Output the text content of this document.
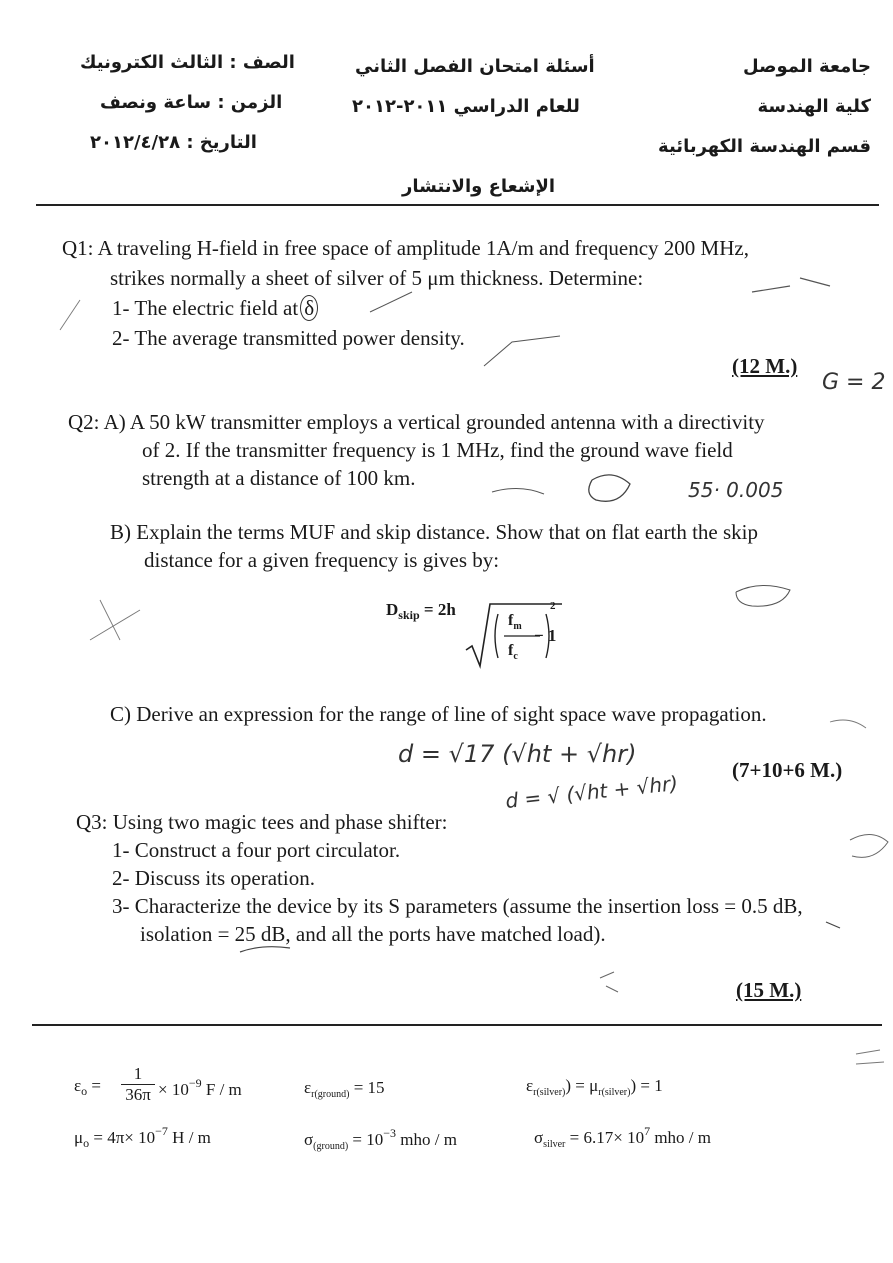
جامعة الموصل
كلية الهندسة
قسم الهندسة الكهربائية
أسئلة امتحان الفصل الثاني
للعام الدراسي ٢٠١١-٢٠١٢
الصف : الثالث الكترونيك
الزمن : ساعة ونصف
التاريخ : ٢٠١٢/٤/٢٨
الإشعاع والانتشار
Q1: A traveling H-field in free space of amplitude 1A/m and frequency 200 MHz,
strikes normally a sheet of silver of 5 μm thickness. Determine:
1- The electric field at δ
2- The average transmitted power density.
(12 M.)
Q2: A) A 50 kW transmitter employs a vertical grounded antenna with a directivity
of 2. If the transmitter frequency is 1 MHz, find the ground wave field
strength at a distance of 100 km.
B) Explain the terms MUF and skip distance. Show that on flat earth the skip
distance for a given frequency is gives by:
$D_{skip} = 2h$
$f_m$
$f_c$
2
− 1
C) Derive an expression for the range of line of sight space wave propagation.
(7+10+6 M.)
d = √17 (√ht + √hr)
d = √ (√ht + √hr)
G = 2
55· 0.005
Q3: Using two magic tees and phase shifter:
1- Construct a four port circulator.
2- Discuss its operation.
3- Characterize the device by its S parameters (assume the insertion loss = 0.5 dB,
isolation = 25 dB, and all the ports have matched load).
(15 M.)
$\varepsilon_o$ =
1
$36\pi \times 10^{-9}$ F / m
$\mu_o = 4\pi\times 10^{-7}$ H / m
$\varepsilon_{r(ground)} = 15$
$\sigma_{(ground)} = 10^{-3}$ mho / m
$\varepsilon_{r(silver)}) = \mu_{r(silver)}) = 1$
$\sigma_{silver} = 6.17\times 10^7$ mho / m
